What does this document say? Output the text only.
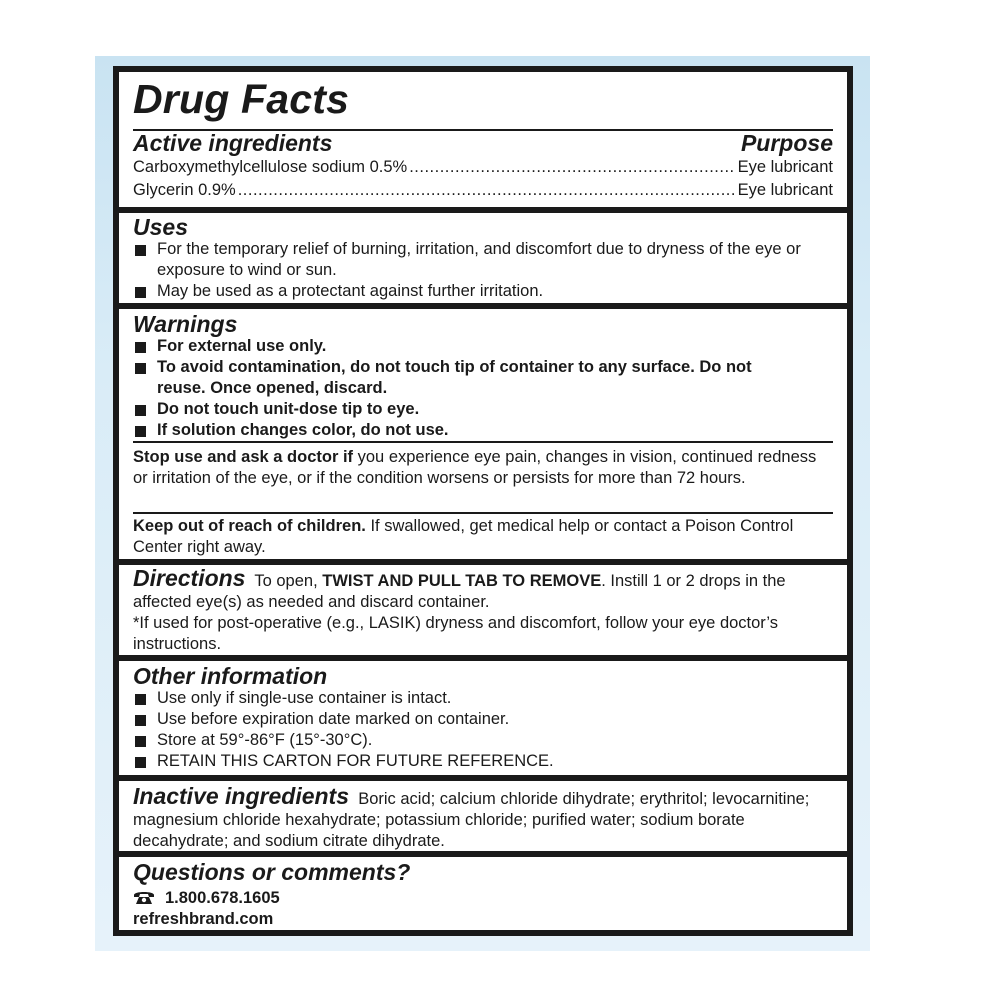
Drug Facts
Active ingredients	Purpose
Carboxymethylcellulose sodium 0.5% .....	Eye lubricant
Glycerin 0.9% .....	Eye lubricant
Uses
For the temporary relief of burning, irritation, and discomfort due to dryness of the eye or exposure to wind or sun.
May be used as a protectant against further irritation.
Warnings
For external use only.
To avoid contamination, do not touch tip of container to any surface. Do not reuse. Once opened, discard.
Do not touch unit-dose tip to eye.
If solution changes color, do not use.
Stop use and ask a doctor if you experience eye pain, changes in vision, continued redness or irritation of the eye, or if the condition worsens or persists for more than 72 hours.
Keep out of reach of children. If swallowed, get medical help or contact a Poison Control Center right away.
Directions To open, TWIST AND PULL TAB TO REMOVE. Instill 1 or 2 drops in the affected eye(s) as needed and discard container.
*If used for post-operative (e.g., LASIK) dryness and discomfort, follow your eye doctor’s instructions.
Other information
Use only if single-use container is intact.
Use before expiration date marked on container.
Store at 59°-86°F (15°-30°C).
RETAIN THIS CARTON FOR FUTURE REFERENCE.
Inactive ingredients Boric acid; calcium chloride dihydrate; erythritol; levocarnitine; magnesium chloride hexahydrate; potassium chloride; purified water; sodium borate decahydrate; and sodium citrate dihydrate.
Questions or comments?
1.800.678.1605
refreshbrand.com
